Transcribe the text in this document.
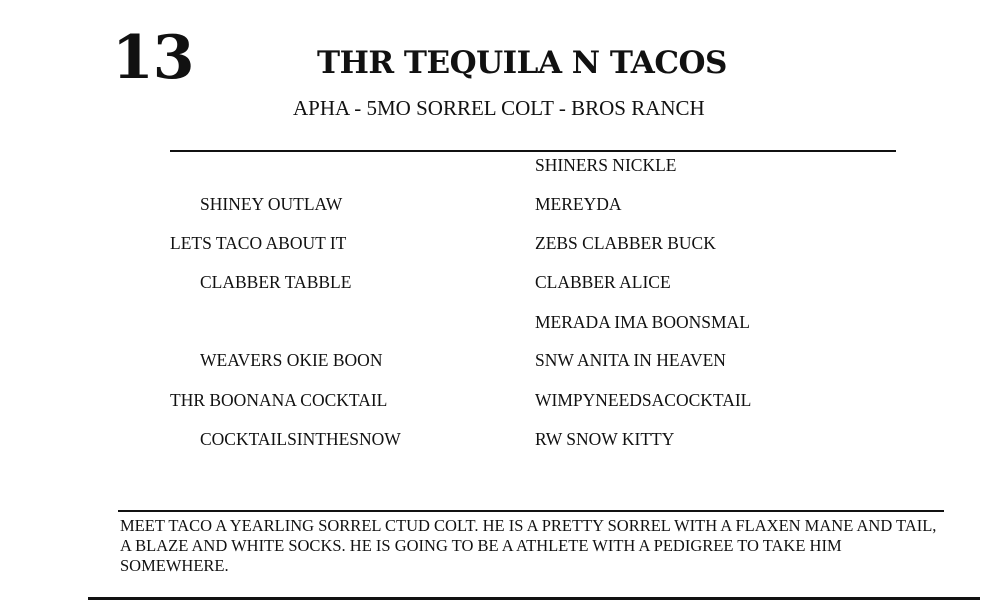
13	THR TEQUILA N TACOS
APHA - 5MO SORREL COLT - BROS RANCH
SHINEY OUTLAW
LETS TACO ABOUT IT
CLABBER TABBLE
WEAVERS OKIE BOON
THR BOONANA COCKTAIL
COCKTAILSINTHESNOW
SHINERS NICKLE
MEREYDA
ZEBS CLABBER BUCK
CLABBER ALICE
MERADA IMA BOONSMAL
SNW ANITA IN HEAVEN
WIMPYNEEDSACOCKTAIL
RW SNOW KITTY
MEET TACO A YEARLING SORREL CTUD COLT. HE IS A PRETTY SORREL WITH A FLAXEN MANE AND TAIL, A BLAZE AND WHITE SOCKS. HE IS GOING TO BE A ATHLETE WITH A PEDIGREE TO TAKE HIM SOMEWHERE.
